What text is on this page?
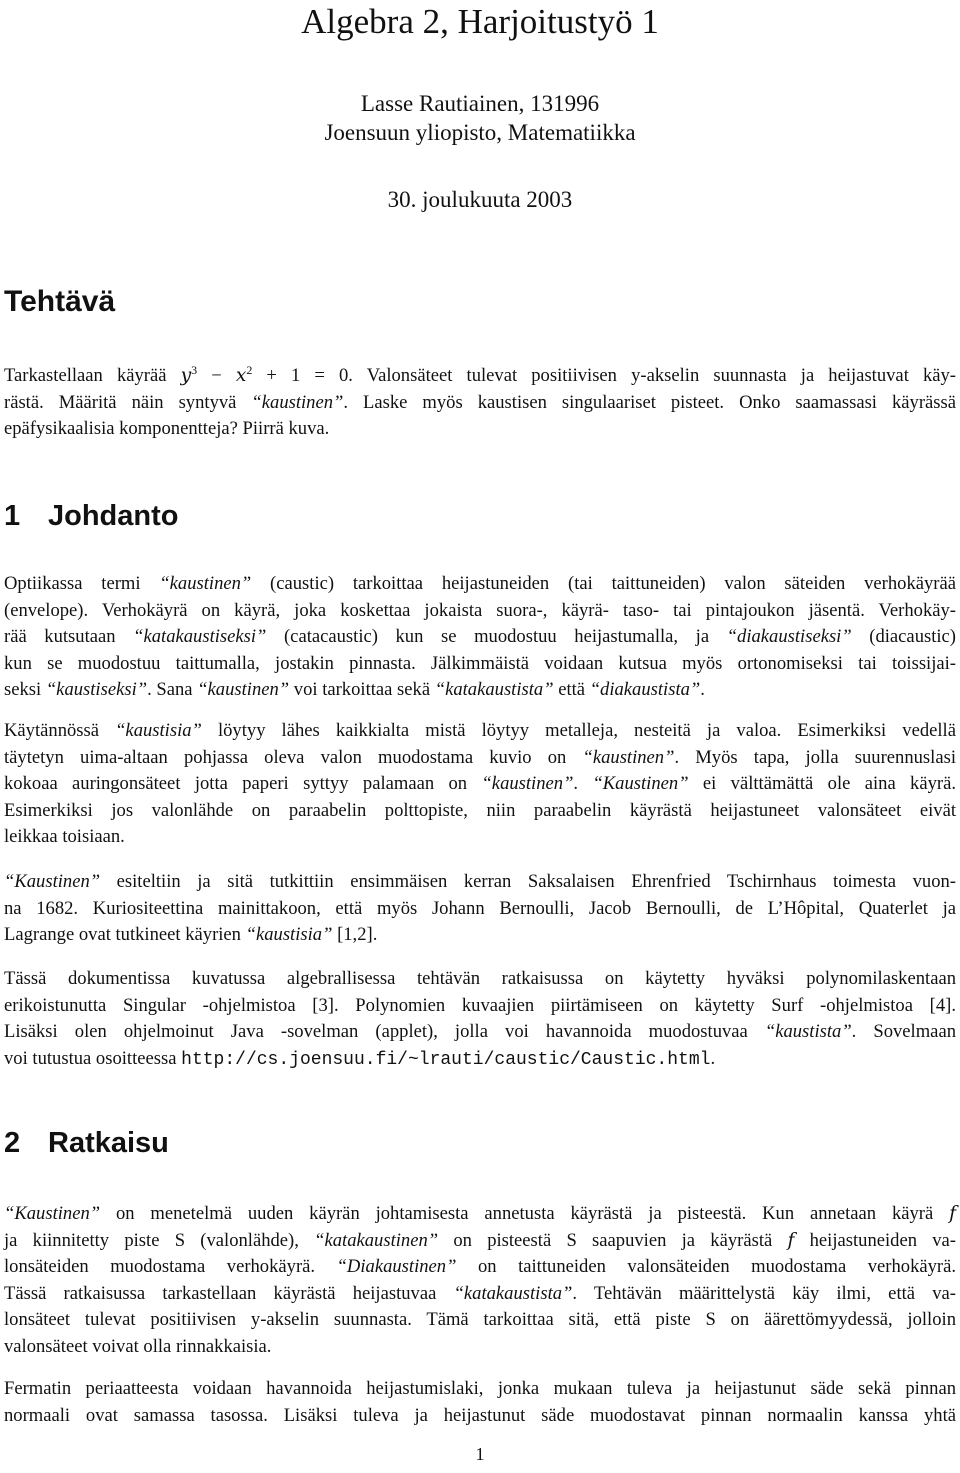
Algebra 2, Harjoitustyö 1
Lasse Rautiainen, 131996
Joensuun yliopisto, Matematiikka
30. joulukuuta 2003
Tehtävä
Tarkastellaan käyrää $y^3 - x^2 + 1 = 0$. Valonsäteet tulevat positiivisen y-akselin suunnasta ja heijastuvat käy-
rästä. Määritä näin syntyvä “kaustinen”. Laske myös kaustisen singulaariset pisteet. Onko saamassasi käyrässä
epäfysikaalisia komponentteja? Piirrä kuva.
1 Johdanto
Optiikassa termi “kaustinen” (caustic) tarkoittaa heijastuneiden (tai taittuneiden) valon säteiden verhokäyrää
(envelope). Verhokäyrä on käyrä, joka koskettaa jokaista suora-, käyrä- taso- tai pintajoukon jäsentä. Verhokäy-
rää kutsutaan “katakaustiseksi” (catacaustic) kun se muodostuu heijastumalla, ja “diakaustiseksi” (diacaustic)
kun se muodostuu taittumalla, jostakin pinnasta. Jälkimmäistä voidaan kutsua myös ortonomiseksi tai toissijai-
seksi “kaustiseksi”. Sana “kaustinen” voi tarkoittaa sekä “katakaustista” että “diakaustista”.
Käytännössä “kaustisia” löytyy lähes kaikkialta mistä löytyy metalleja, nesteitä ja valoa. Esimerkiksi vedellä
täytetyn uima-altaan pohjassa oleva valon muodostama kuvio on “kaustinen”. Myös tapa, jolla suurennuslasi
kokoaa auringonsäteet jotta paperi syttyy palamaan on “kaustinen”. “Kaustinen” ei välttämättä ole aina käyrä.
Esimerkiksi jos valonlähde on paraabelin polttopiste, niin paraabelin käyrästä heijastuneet valonsäteet eivät
leikkaa toisiaan.
“Kaustinen” esiteltiin ja sitä tutkittiin ensimmäisen kerran Saksalaisen Ehrenfried Tschirnhaus toimesta vuon-
na 1682. Kuriositeettina mainittakoon, että myös Johann Bernoulli, Jacob Bernoulli, de L’Hôpital, Quaterlet ja
Lagrange ovat tutkineet käyrien “kaustisia” [1,2].
Tässä dokumentissa kuvatussa algebrallisessa tehtävän ratkaisussa on käytetty hyväksi polynomilaskentaan
erikoistunutta Singular -ohjelmistoa [3]. Polynomien kuvaajien piirtämiseen on käytetty Surf -ohjelmistoa [4].
Lisäksi olen ohjelmoinut Java -sovelman (applet), jolla voi havannoida muodostuvaa “kaustista”. Sovelmaan
voi tutustua osoitteessa http://cs.joensuu.fi/~lrauti/caustic/Caustic.html.
2 Ratkaisu
“Kaustinen” on menetelmä uuden käyrän johtamisesta annetusta käyrästä ja pisteestä. Kun annetaan käyrä f
ja kiinnitetty piste S (valonlähde), “katakaustinen” on pisteestä S saapuvien ja käyrästä f heijastuneiden va-
lonsäteiden muodostama verhokäyrä. “Diakaustinen” on taittuneiden valonsäteiden muodostama verhokäyrä.
Tässä ratkaisussa tarkastellaan käyrästä heijastuvaa “katakaustista”. Tehtävän määrittelystä käy ilmi, että va-
lonsäteet tulevat positiivisen y-akselin suunnasta. Tämä tarkoittaa sitä, että piste S on äärettömyydessä, jolloin
valonsäteet voivat olla rinnakkaisia.
Fermatin periaatteesta voidaan havannoida heijastumislaki, jonka mukaan tuleva ja heijastunut säde sekä pinnan
normaali ovat samassa tasossa. Lisäksi tuleva ja heijastunut säde muodostavat pinnan normaalin kanssa yhtä
1
